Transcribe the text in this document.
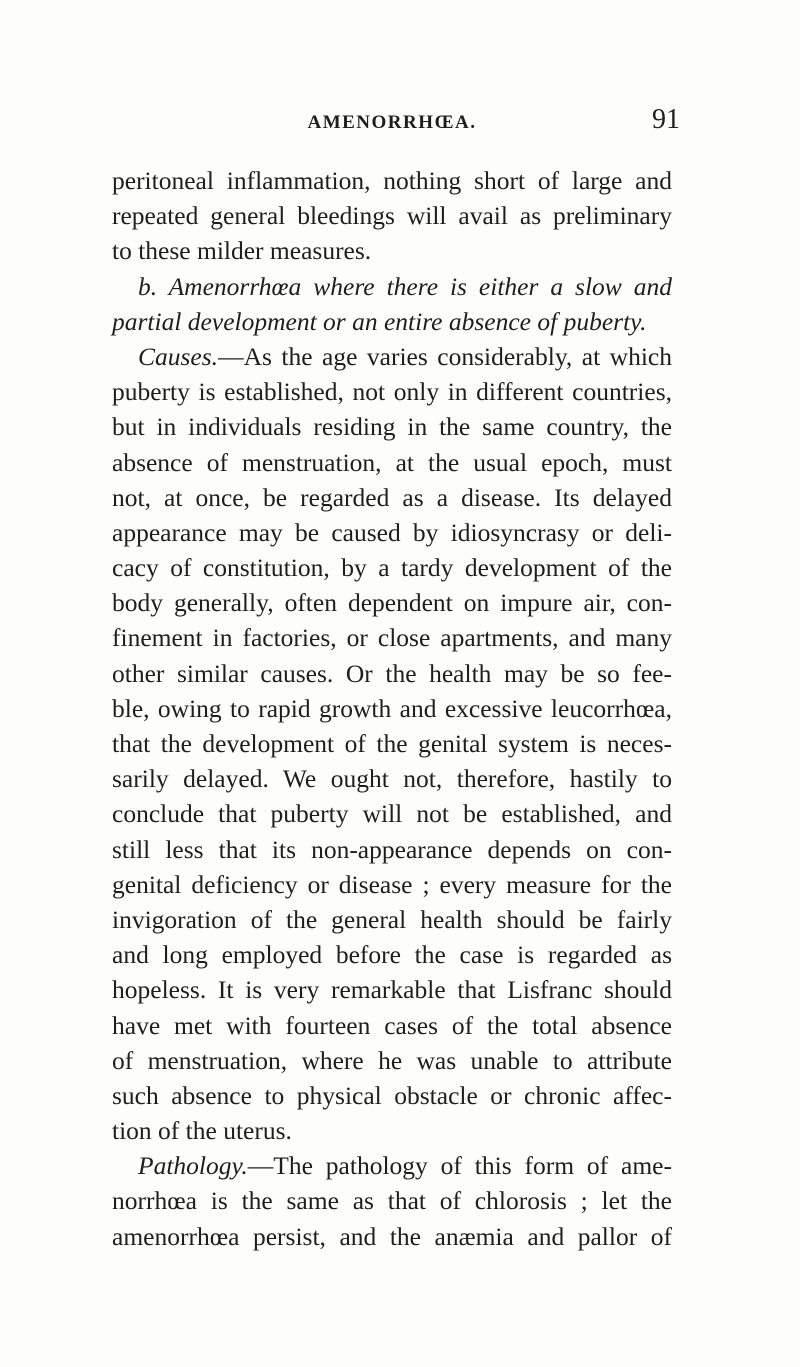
AMENORRHŒA.	91
peritoneal inflammation, nothing short of large and
repeated general bleedings will avail as preliminary
to these milder measures.
b. Amenorrhœa where there is either a slow and
partial development or an entire absence of puberty.
Causes.—As the age varies considerably, at which
puberty is established, not only in different countries,
but in individuals residing in the same country, the
absence of menstruation, at the usual epoch, must
not, at once, be regarded as a disease. Its delayed
appearance may be caused by idiosyncrasy or deli-
cacy of constitution, by a tardy development of the
body generally, often dependent on impure air, con-
finement in factories, or close apartments, and many
other similar causes. Or the health may be so fee-
ble, owing to rapid growth and excessive leucorrhœa,
that the development of the genital system is neces-
sarily delayed. We ought not, therefore, hastily to
conclude that puberty will not be established, and
still less that its non-appearance depends on con-
genital deficiency or disease ; every measure for the
invigoration of the general health should be fairly
and long employed before the case is regarded as
hopeless. It is very remarkable that Lisfranc should
have met with fourteen cases of the total absence
of menstruation, where he was unable to attribute
such absence to physical obstacle or chronic affec-
tion of the uterus.
Pathology.—The pathology of this form of ame-
norrhœa is the same as that of chlorosis ; let the
amenorrhœa persist, and the anæmia and pallor of
